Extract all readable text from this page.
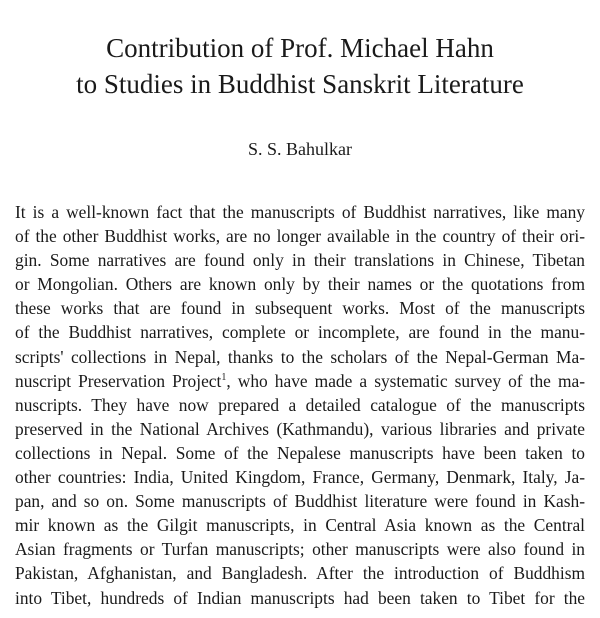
Contribution of Prof. Michael Hahn
to Studies in Buddhist Sanskrit Literature

S. S. Bahulkar

It is a well-known fact that the manuscripts of Buddhist narratives, like many
of the other Buddhist works, are no longer available in the country of their ori-
gin. Some narratives are found only in their translations in Chinese, Tibetan
or Mongolian. Others are known only by their names or the quotations from
these works that are found in subsequent works. Most of the manuscripts
of the Buddhist narratives, complete or incomplete, are found in the manu-
scripts' collections in Nepal, thanks to the scholars of the Nepal-German Ma-
nuscript Preservation Project$^1$, who have made a systematic survey of the ma-
nuscripts. They have now prepared a detailed catalogue of the manuscripts
preserved in the National Archives (Kathmandu), various libraries and private
collections in Nepal. Some of the Nepalese manuscripts have been taken to
other countries: India, United Kingdom, France, Germany, Denmark, Italy, Ja-
pan, and so on. Some manuscripts of Buddhist literature were found in Kash-
mir known as the Gilgit manuscripts, in Central Asia known as the Central
Asian fragments or Turfan manuscripts; other manuscripts were also found in
Pakistan, Afghanistan, and Bangladesh. After the introduction of Buddhism
into Tibet, hundreds of Indian manuscripts had been taken to Tibet for the
